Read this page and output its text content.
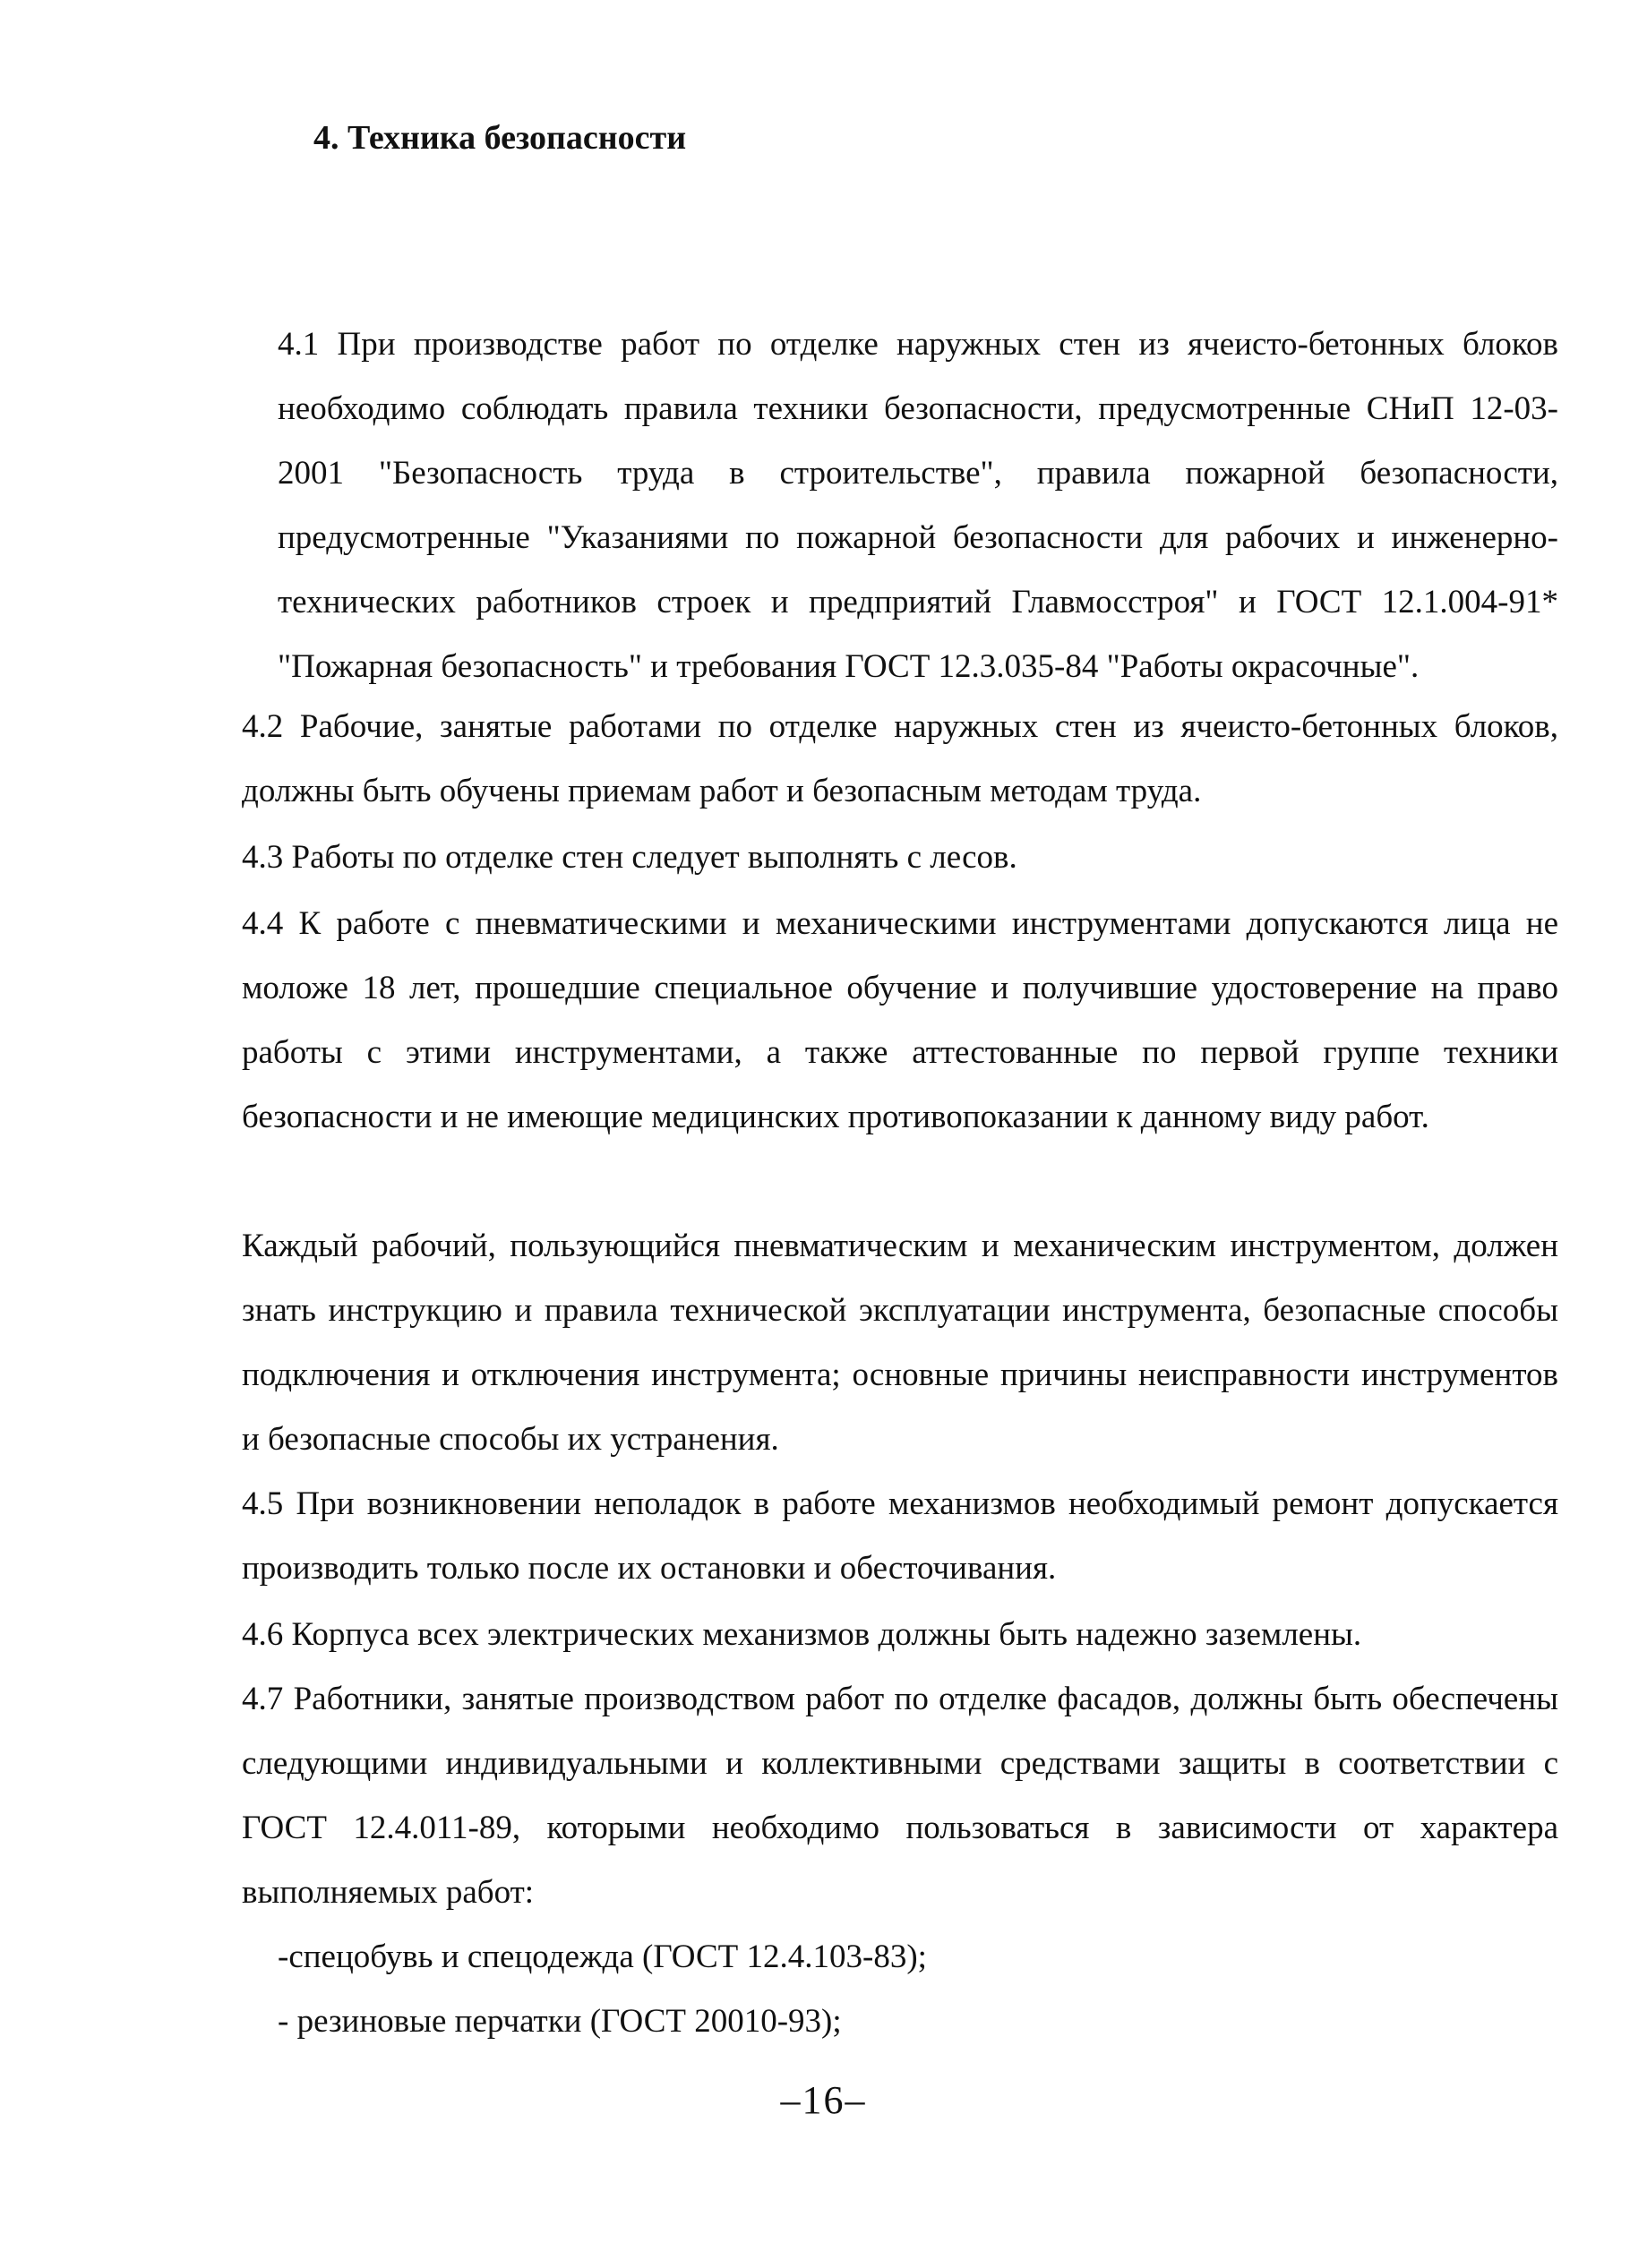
4. Техника безопасности
4.1 При производстве работ по отделке наружных стен из ячеисто-бетонных блоков необходимо соблюдать правила техники безопасности, предусмотренные СНиП 12-03-2001 "Безопасность труда в строительстве", правила пожарной безопасности, предусмотренные "Указаниями по пожарной безопасности для рабочих и инженерно-технических работников строек и предприятий Главмосстроя" и ГОСТ 12.1.004-91* "Пожарная безопасность" и требования ГОСТ 12.3.035-84 "Работы окрасочные".
4.2 Рабочие, занятые работами по отделке наружных стен из ячеисто-бетонных блоков, должны быть обучены приемам работ и безопасным методам труда.
4.3 Работы по отделке стен следует выполнять с лесов.
4.4 К работе с пневматическими и механическими инструментами допускаются лица не моложе 18 лет, прошедшие специальное обучение и получившие удостоверение на право работы с этими инструментами, а также аттестованные по первой группе техники безопасности и не имеющие медицинских противопоказании к данному виду работ.
Каждый рабочий, пользующийся пневматическим и механическим инструментом, должен знать инструкцию и правила технической эксплуатации инструмента, безопасные способы подключения и отключения инструмента; основные причины неисправности инструментов и безопасные способы их устранения.
4.5 При возникновении неполадок в работе механизмов необходимый ремонт допускается производить только после их остановки и обесточивания.
4.6 Корпуса всех электрических механизмов должны быть надежно заземлены.
4.7 Работники, занятые производством работ по отделке фасадов, должны быть обеспечены следующими индивидуальными и коллективными средствами защиты в соответствии с ГОСТ 12.4.011-89, которыми необходимо пользоваться в зависимости от характера выполняемых работ:
-спецобувь и спецодежда (ГОСТ 12.4.103-83);
- резиновые перчатки (ГОСТ 20010-93);
–16–
